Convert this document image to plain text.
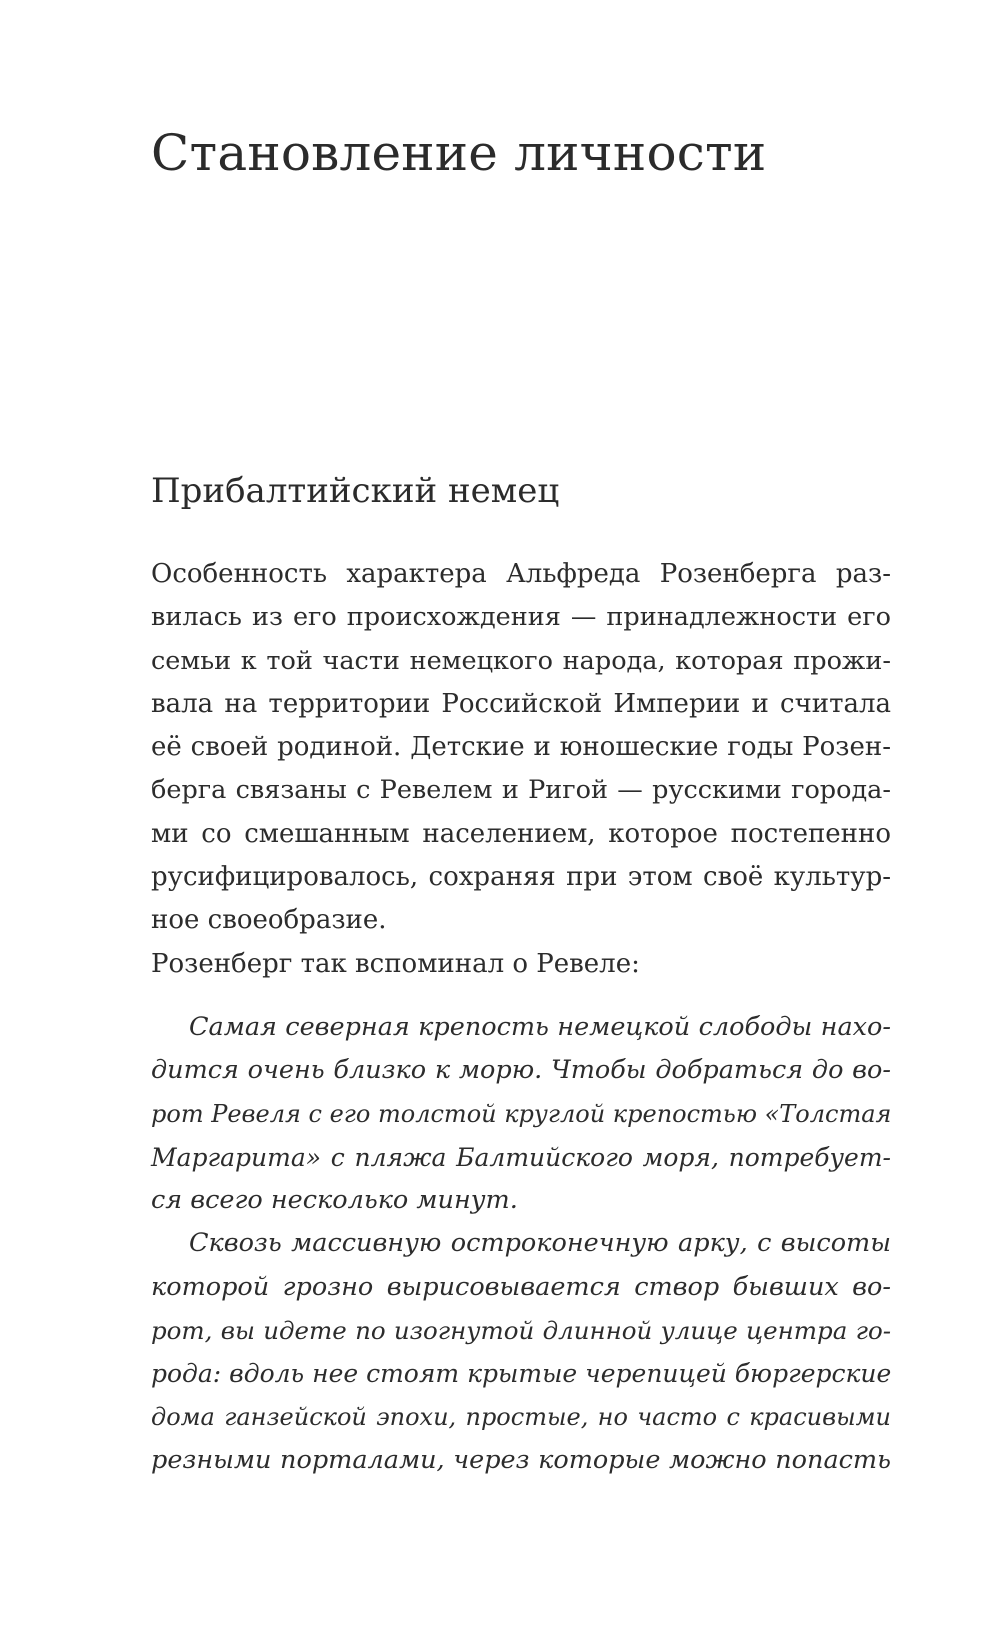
Становление личности
Прибалтийский немец
Особенность характера Альфреда Розенберга раз-
вилась из его происхождения — принадлежности его
семьи к той части немецкого народа, которая прожи-
вала на территории Российской Империи и считала
её своей родиной. Детские и юношеские годы Розен-
берга связаны с Ревелем и Ригой — русскими города-
ми со смешанным населением, которое постепенно
русифицировалось, сохраняя при этом своё культур-
ное своеобразие.
Розенберг так вспоминал о Ревеле:
Самая северная крепость немецкой слободы нахо-
дится очень близко к морю. Чтобы добраться до во-
рот Ревеля с его толстой круглой крепостью «Толстая
Маргарита» с пляжа Балтийского моря, потребует-
ся всего несколько минут.
Сквозь массивную остроконечную арку, с высоты
которой грозно вырисовывается створ бывших во-
рот, вы идете по изогнутой длинной улице центра го-
рода: вдоль нее стоят крытые черепицей бюргерские
дома ганзейской эпохи, простые, но часто с красивыми
резными порталами, через которые можно попасть
